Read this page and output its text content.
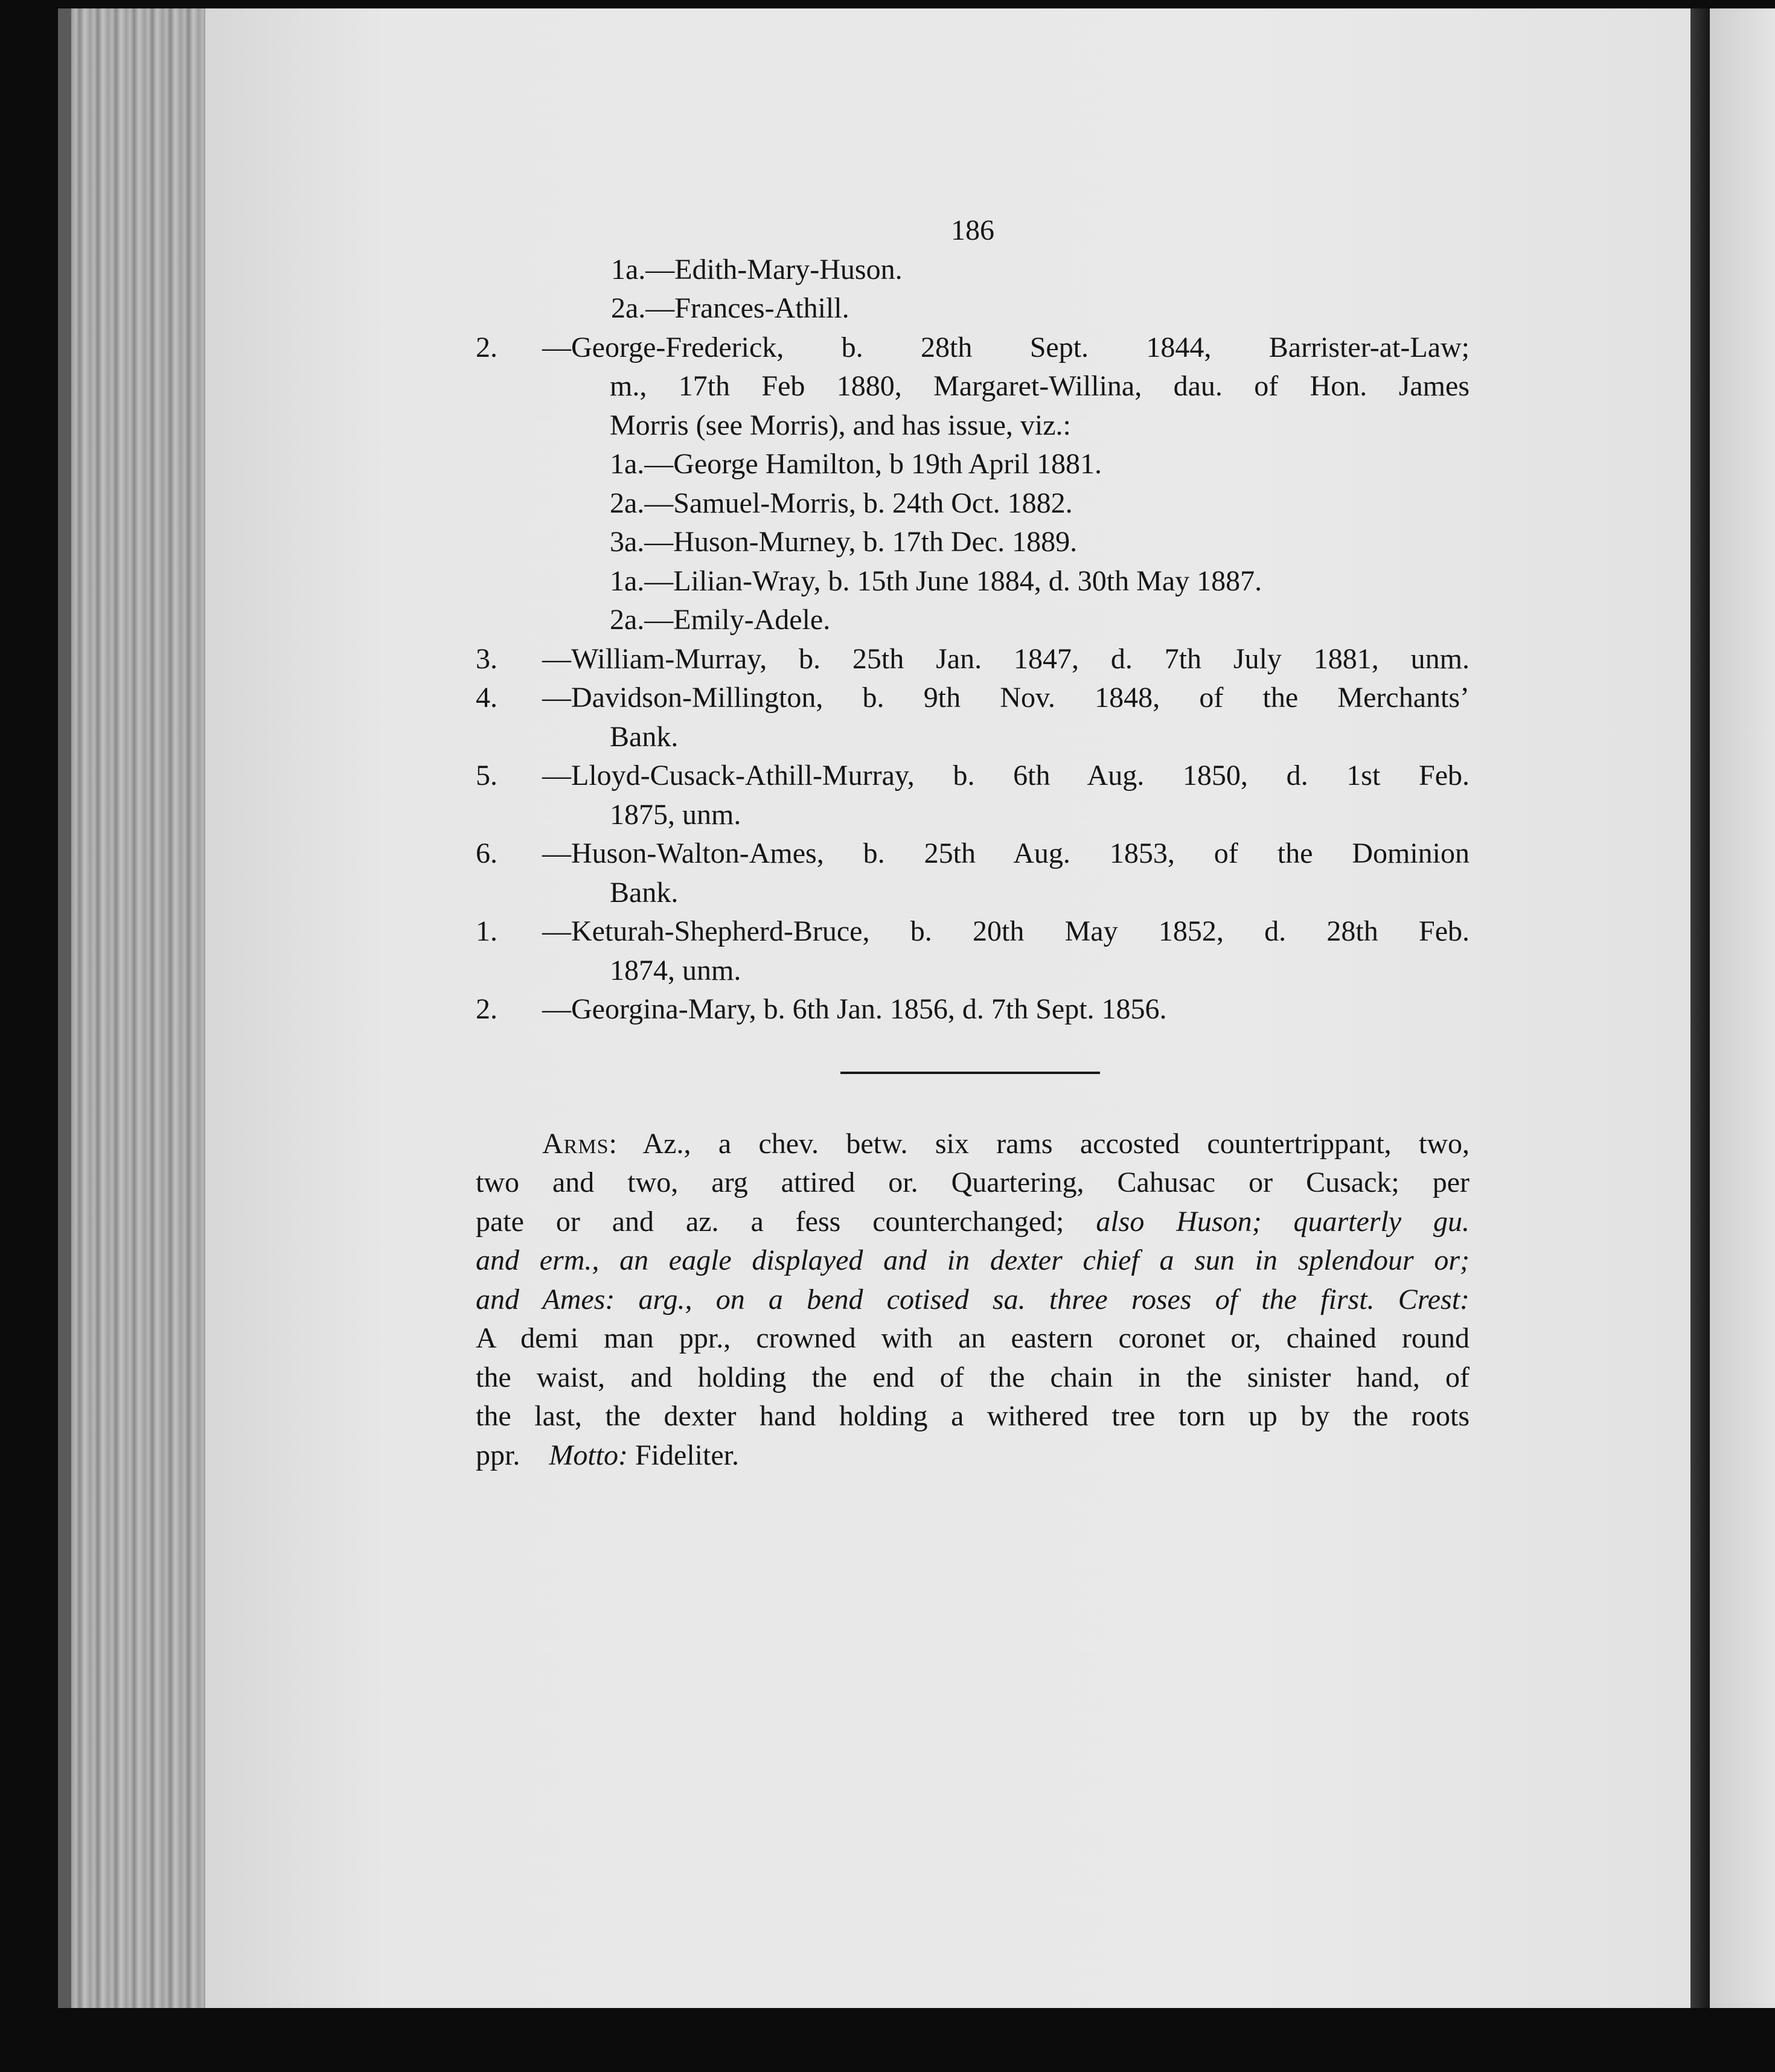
186
1a.—Edith-Mary-Huson.
2a.—Frances-Athill.
2.	—George-Frederick, b. 28th Sept. 1844, Barrister-at-Law;
m., 17th Feb 1880, Margaret-Willina, dau. of Hon. James
Morris (see Morris), and has issue, viz.:
1a.—George Hamilton, b 19th April 1881.
2a.—Samuel-Morris, b. 24th Oct. 1882.
3a.—Huson-Murney, b. 17th Dec. 1889.
1a.—Lilian-Wray, b. 15th June 1884, d. 30th May 1887.
2a.—Emily-Adele.
3.	—William-Murray, b. 25th Jan. 1847, d. 7th July 1881, unm.
4.	—Davidson-Millington, b. 9th Nov. 1848, of the Merchants’
Bank.
5.	—Lloyd-Cusack-Athill-Murray, b. 6th Aug. 1850, d. 1st Feb.
1875, unm.
6.	—Huson-Walton-Ames, b. 25th Aug. 1853, of the Dominion
Bank.
1.	—Keturah-Shepherd-Bruce, b. 20th May 1852, d. 28th Feb.
1874, unm.
2.	—Georgina-Mary, b. 6th Jan. 1856, d. 7th Sept. 1856.

Arms: Az., a chev. betw. six rams accosted countertrippant, two,

two and two, arg attired or. Quartering, Cahusac or Cusack; per

pate or and az. a fess counterchanged; also Huson; quarterly gu.

and erm., an eagle displayed and in dexter chief a sun in splendour or;

and Ames: arg., on a bend cotised sa. three roses of the first. Crest:

A demi man ppr., crowned with an eastern coronet or, chained round

the waist, and holding the end of the chain in the sinister hand, of

the last, the dexter hand holding a withered tree torn up by the roots

ppr. Motto: Fideliter.
